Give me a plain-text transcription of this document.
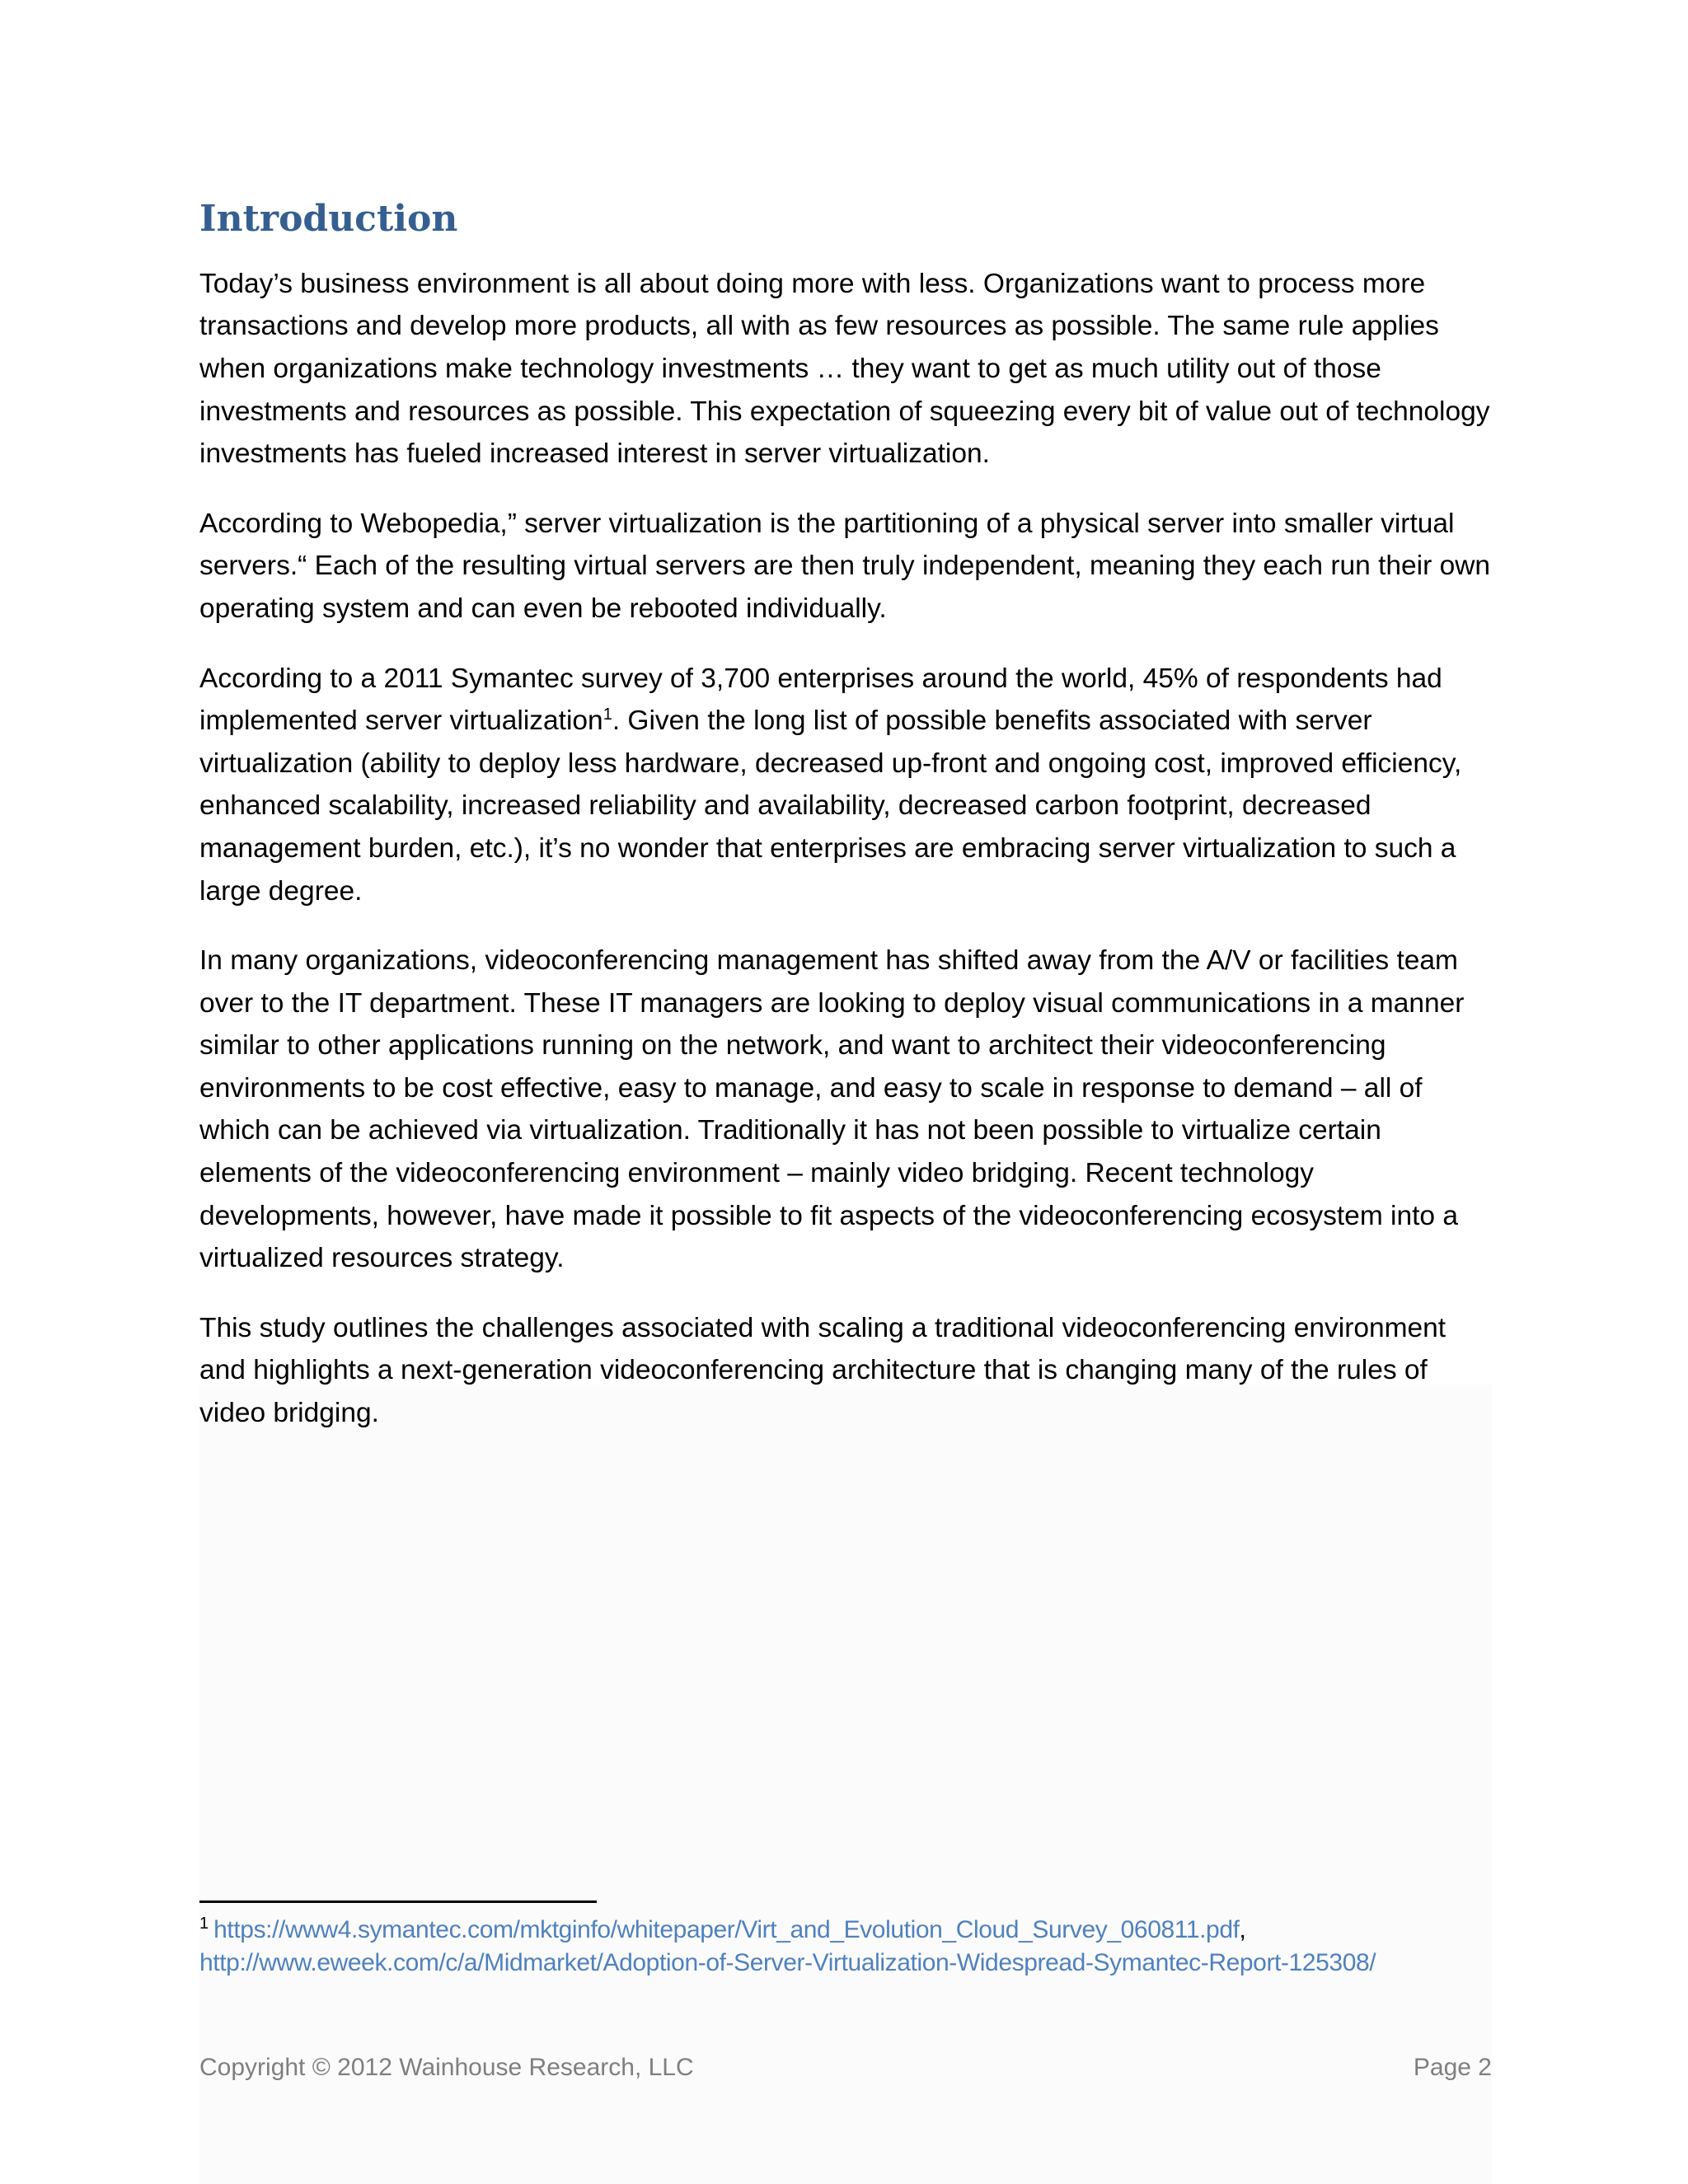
Introduction

Today’s business environment is all about doing more with less. Organizations want to process more transactions and develop more products, all with as few resources as possible. The same rule applies when organizations make technology investments … they want to get as much utility out of those investments and resources as possible. This expectation of squeezing every bit of value out of technology investments has fueled increased interest in server virtualization.

According to Webopedia,” server virtualization is the partitioning of a physical server into smaller virtual servers.“ Each of the resulting virtual servers are then truly independent, meaning they each run their own operating system and can even be rebooted individually.

According to a 2011 Symantec survey of 3,700 enterprises around the world, 45% of respondents had implemented server virtualization$^1$. Given the long list of possible benefits associated with server virtualization (ability to deploy less hardware, decreased up-front and ongoing cost, improved efficiency, enhanced scalability, increased reliability and availability, decreased carbon footprint, decreased management burden, etc.), it’s no wonder that enterprises are embracing server virtualization to such a large degree.

In many organizations, videoconferencing management has shifted away from the A/V or facilities team over to the IT department. These IT managers are looking to deploy visual communications in a manner similar to other applications running on the network, and want to architect their videoconferencing environments to be cost effective, easy to manage, and easy to scale in response to demand – all of which can be achieved via virtualization. Traditionally it has not been possible to virtualize certain elements of the videoconferencing environment – mainly video bridging. Recent technology developments, however, have made it possible to fit aspects of the videoconferencing ecosystem into a virtualized resources strategy.

This study outlines the challenges associated with scaling a traditional videoconferencing environment and highlights a next-generation videoconferencing architecture that is changing many of the rules of video bridging.

$^1$ https://www4.symantec.com/mktginfo/whitepaper/Virt_and_Evolution_Cloud_Survey_060811.pdf,
http://www.eweek.com/c/a/Midmarket/Adoption-of-Server-Virtualization-Widespread-Symantec-Report-125308/
Copyright © 2012 Wainhouse Research, LLC	Page 2
